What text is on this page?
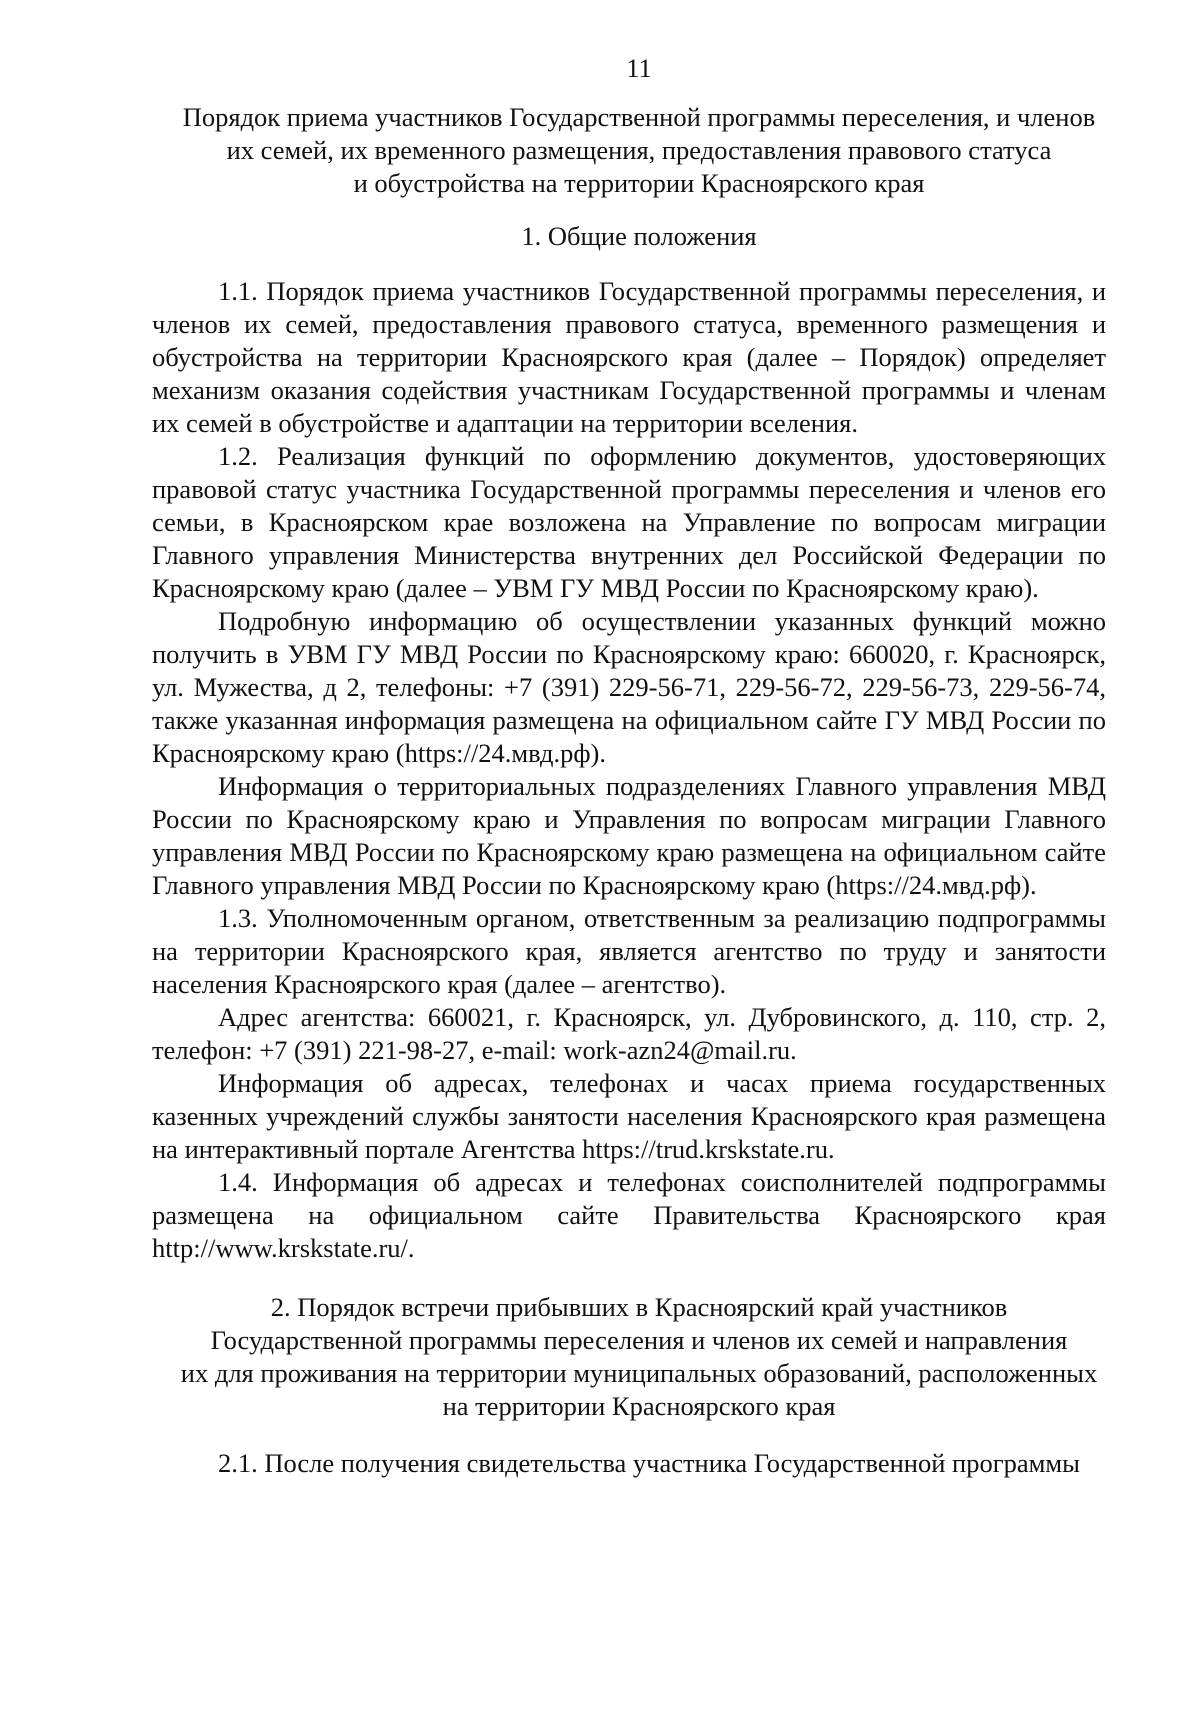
11
Порядок приема участников Государственной программы переселения, и членов
их семей, их временного размещения, предоставления правового статуса
и обустройства на территории Красноярского края
1. Общие положения

1.1. Порядок приема участников Государственной программы переселения, и членов их семей, предоставления правового статуса, временного размещения и обустройства на территории Красноярского края (далее – Порядок) определяет механизм оказания содействия участникам Государственной программы и членам их семей в обустройстве и адаптации на территории вселения.

1.2. Реализация функций по оформлению документов, удостоверяющих правовой статус участника Государственной программы переселения и членов его семьи, в Красноярском крае возложена на Управление по вопросам миграции Главного управления Министерства внутренних дел Российской Федерации по Красноярскому краю (далее – УВМ ГУ МВД России по Красноярскому краю).

Подробную информацию об осуществлении указанных функций можно получить в УВМ ГУ МВД России по Красноярскому краю: 660020, г. Красноярск, ул. Мужества, д 2, телефоны: +7 (391) 229-56-71, 229-56-72, 229-56-73, 229-56-74, также указанная информация размещена на официальном сайте ГУ МВД России по Красноярскому краю (https://24.мвд.рф).

Информация о территориальных подразделениях Главного управления МВД России по Красноярскому краю и Управления по вопросам миграции Главного управления МВД России по Красноярскому краю размещена на официальном сайте Главного управления МВД России по Красноярскому краю (https://24.мвд.рф).

1.3. Уполномоченным органом, ответственным за реализацию подпрограммы на территории Красноярского края, является агентство по труду и занятости населения Красноярского края (далее – агентство).

Адрес агентства: 660021, г. Красноярск, ул. Дубровинского, д. 110, стр. 2, телефон: +7 (391) 221-98-27, e-mail: work-azn24@mail.ru.

Информация об адресах, телефонах и часах приема государственных казенных учреждений службы занятости населения Красноярского края размещена на интерактивный портале Агентства https://trud.krskstate.ru.

1.4. Информация об адресах и телефонах соисполнителей подпрограммы размещена на официальном сайте Правительства Красноярского края http://www.krskstate.ru/.

2. Порядок встречи прибывших в Красноярский край участников
Государственной программы переселения и членов их семей и направления
их для проживания на территории муниципальных образований, расположенных
на территории Красноярского края

2.1. После получения свидетельства участника Государственной программы
